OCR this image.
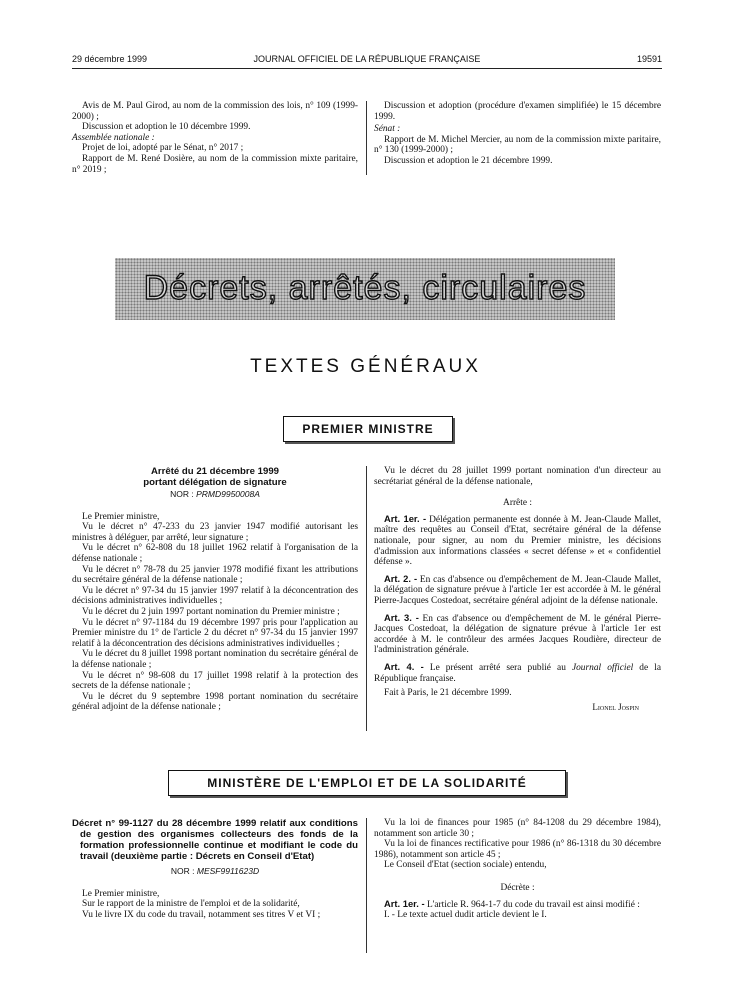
29 décembre 1999	JOURNAL OFFICIEL DE LA RÉPUBLIQUE FRANÇAISE	19591

Avis de M. Paul Girod, au nom de la commission des lois, n° 109 (1999-2000) ;

Discussion et adoption le 10 décembre 1999.

Assemblée nationale :

Projet de loi, adopté par le Sénat, n° 2017 ;

Rapport de M. René Dosière, au nom de la commission mixte paritaire, n° 2019 ;

Discussion et adoption (procédure d'examen simplifiée) le 15 décembre 1999.

Sénat :

Rapport de M. Michel Mercier, au nom de la commission mixte paritaire, n° 130 (1999-2000) ;

Discussion et adoption le 21 décembre 1999.

Décrets, arrêtés, circulaires
TEXTES GÉNÉRAUX
PREMIER MINISTRE
Arrêté du 21 décembre 1999
portant délégation de signature
NOR : PRMD9950008A

Le Premier ministre,

Vu le décret n° 47-233 du 23 janvier 1947 modifié autorisant les ministres à déléguer, par arrêté, leur signature ;

Vu le décret n° 62-808 du 18 juillet 1962 relatif à l'organisation de la défense nationale ;

Vu le décret n° 78-78 du 25 janvier 1978 modifié fixant les attributions du secrétaire général de la défense nationale ;

Vu le décret n° 97-34 du 15 janvier 1997 relatif à la déconcentration des décisions administratives individuelles ;

Vu le décret du 2 juin 1997 portant nomination du Premier ministre ;

Vu le décret n° 97-1184 du 19 décembre 1997 pris pour l'application au Premier ministre du 1° de l'article 2 du décret n° 97-34 du 15 janvier 1997 relatif à la déconcentration des décisions administratives individuelles ;

Vu le décret du 8 juillet 1998 portant nomination du secrétaire général de la défense nationale ;

Vu le décret n° 98-608 du 17 juillet 1998 relatif à la protection des secrets de la défense nationale ;

Vu le décret du 9 septembre 1998 portant nomination du secrétaire général adjoint de la défense nationale ;

Vu le décret du 28 juillet 1999 portant nomination d'un directeur au secrétariat général de la défense nationale,

Arrête :

Art. 1er. - Délégation permanente est donnée à M. Jean-Claude Mallet, maître des requêtes au Conseil d'Etat, secrétaire général de la défense nationale, pour signer, au nom du Premier ministre, les décisions d'admission aux informations classées « secret défense » et « confidentiel défense ».

Art. 2. - En cas d'absence ou d'empêchement de M. Jean-Claude Mallet, la délégation de signature prévue à l'article 1er est accordée à M. le général Pierre-Jacques Costedoat, secrétaire général adjoint de la défense nationale.

Art. 3. - En cas d'absence ou d'empêchement de M. le général Pierre-Jacques Costedoat, la délégation de signature prévue à l'article 1er est accordée à M. le contrôleur des armées Jacques Roudière, directeur de l'administration générale.

Art. 4. - Le présent arrêté sera publié au Journal officiel de la République française.

Fait à Paris, le 21 décembre 1999.

Lionel Jospin

MINISTÈRE DE L'EMPLOI ET DE LA SOLIDARITÉ
Décret n° 99-1127 du 28 décembre 1999 relatif aux conditions de gestion des organismes collecteurs des fonds de la formation professionnelle continue et modifiant le code du travail (deuxième partie : Décrets en Conseil d'Etat)
NOR : MESF9911623D

Le Premier ministre,

Sur le rapport de la ministre de l'emploi et de la solidarité,

Vu le livre IX du code du travail, notamment ses titres V et VI ;

Vu la loi de finances pour 1985 (n° 84-1208 du 29 décembre 1984), notamment son article 30 ;

Vu la loi de finances rectificative pour 1986 (n° 86-1318 du 30 décembre 1986), notamment son article 45 ;

Le Conseil d'Etat (section sociale) entendu,

Décrète :

Art. 1er. - L'article R. 964-1-7 du code du travail est ainsi modifié :

I. - Le texte actuel dudit article devient le I.
